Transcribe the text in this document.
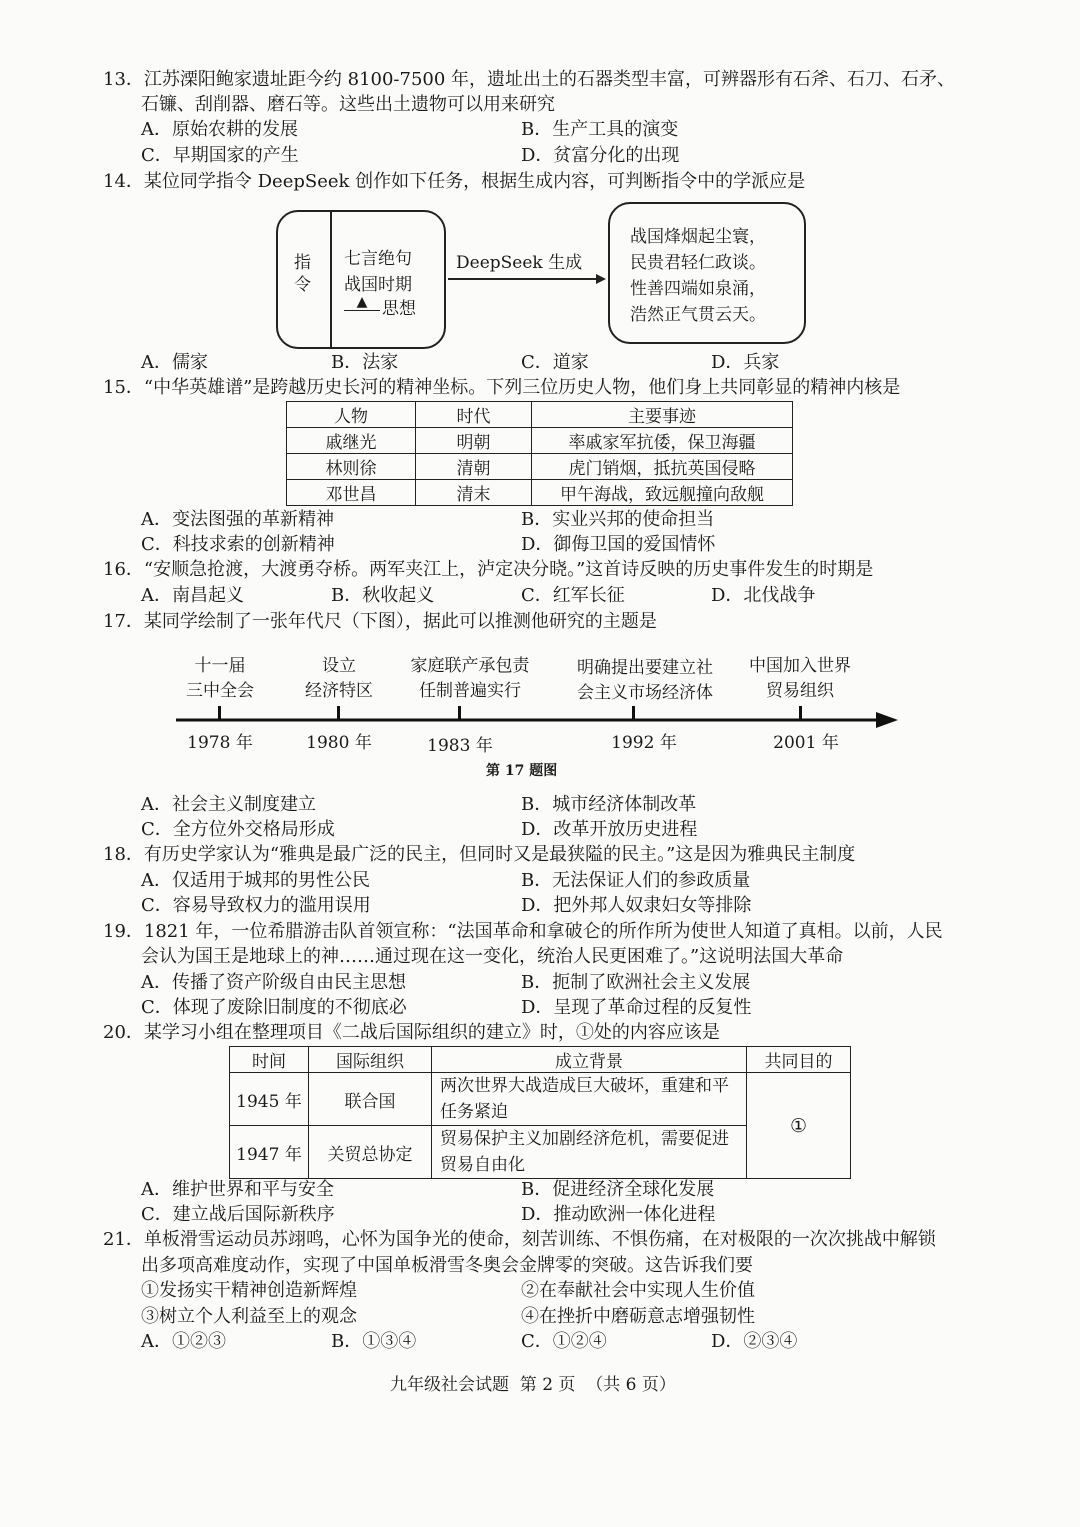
13．江苏溧阳鲍家遗址距今约 8100-7500 年，遗址出土的石器类型丰富，可辨器形有石斧、石刀、石矛、
石镰、刮削器、磨石等。这些出土遗物可以用来研究
A．原始农耕的发展	B．生产工具的演变
C．早期国家的产生	D．贫富分化的出现
14．某位同学指令 DeepSeek 创作如下任务，根据生成内容，可判断指令中的学派应是
指令
七言绝句
战国时期
▲ 思想
DeepSeek 生成
战国烽烟起尘寰，
民贵君轻仁政谈。
性善四端如泉涌，
浩然正气贯云天。
A．儒家	B．法家	C．道家	D．兵家
15．“中华英雄谱”是跨越历史长河的精神坐标。下列三位历史人物，他们身上共同彰显的精神内核是
人物	时代	主要事迹
戚继光	明朝	率戚家军抗倭，保卫海疆
林则徐	清朝	虎门销烟，抵抗英国侵略
邓世昌	清末	甲午海战，致远舰撞向敌舰
A．变法图强的革新精神	B．实业兴邦的使命担当
C．科技求索的创新精神	D．御侮卫国的爱国情怀
16．“安顺急抢渡，大渡勇夺桥。两军夹江上，泸定决分晓。”这首诗反映的历史事件发生的时期是
A．南昌起义	B．秋收起义	C．红军长征	D．北伐战争
17．某同学绘制了一张年代尺（下图），据此可以推测他研究的主题是
十一届
三中全会
设立
经济特区
家庭联产承包责
任制普遍实行
明确提出要建立社
会主义市场经济体
中国加入世界
贸易组织
1978 年	1980 年	1983 年	1992 年	2001 年
第 17 题图
A．社会主义制度建立	B．城市经济体制改革
C．全方位外交格局形成	D．改革开放历史进程
18．有历史学家认为“雅典是最广泛的民主，但同时又是最狭隘的民主。”这是因为雅典民主制度
A．仅适用于城邦的男性公民	B．无法保证人们的参政质量
C．容易导致权力的滥用误用	D．把外邦人奴隶妇女等排除
19．1821 年，一位希腊游击队首领宣称：“法国革命和拿破仑的所作所为使世人知道了真相。以前，人民
会认为国王是地球上的神……通过现在这一变化，统治人民更困难了。”这说明法国大革命
A．传播了资产阶级自由民主思想	B．扼制了欧洲社会主义发展
C．体现了废除旧制度的不彻底必	D．呈现了革命过程的反复性
20．某学习小组在整理项目《二战后国际组织的建立》时，①处的内容应该是
时间	国际组织	成立背景	共同目的
1945 年	联合国	两次世界大战造成巨大破坏，重建和平任务紧迫	①
1947 年	关贸总协定	贸易保护主义加剧经济危机，需要促进贸易自由化	
A．维护世界和平与安全	B．促进经济全球化发展
C．建立战后国际新秩序	D．推动欧洲一体化进程
21．单板滑雪运动员苏翊鸣，心怀为国争光的使命，刻苦训练、不惧伤痛，在对极限的一次次挑战中解锁
出多项高难度动作，实现了中国单板滑雪冬奥会金牌零的突破。这告诉我们要
①发扬实干精神创造新辉煌	②在奉献社会中实现人生价值
③树立个人利益至上的观念	④在挫折中磨砺意志增强韧性
A．①②③	B．①③④	C．①②④	D．②③④
九年级社会试题  第 2 页  （共 6 页）
